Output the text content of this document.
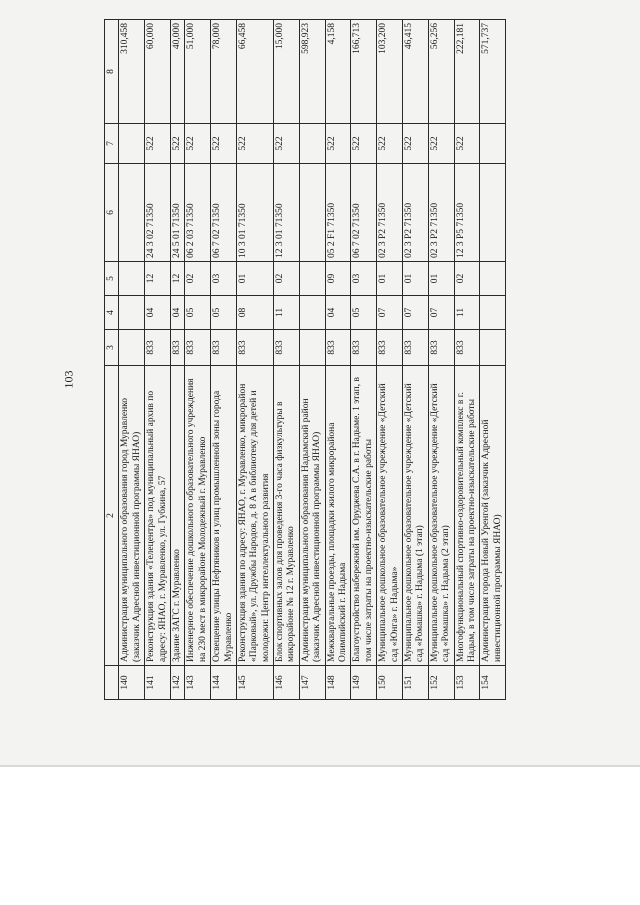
103
	2	3	4	5	6	7	8
140	Администрация муниципального образования город Муравленко (заказчик Адресной инвестиционной программы ЯНАО)						310,458
141	Реконструкция здания «Телецентра» под муниципальный архив по адресу: ЯНАО, г. Муравленко, ул. Губкина, 57	833	04	12	24 3 02 71350	522	60,000
142	Здание ЗАГС г. Муравленко	833	04	12	24 5 01 71350	522	40,000
143	Инженерное обеспечение дошкольного образовательного учреждения на 230 мест в микрорайоне Молодежный г. Муравленко	833	05	02	06 2 03 71350	522	51,000
144	Освещение улицы Нефтяников и улиц промышленной зоны города Муравленко	833	05	03	06 7 02 71350	522	78,000
145	Реконструкция здания по адресу: ЯНАО, г. Муравленко, микрорайон «Парковый», ул. Дружбы Народов, д. 8 А в библиотеку для детей и молодежи: Центр интеллектуального развития	833	08	01	10 3 01 71350	522	66,458
146	Блок спортивных залов для проведения 3-го часа физкультуры в микрорайоне № 12 г. Муравленко	833	11	02	12 3 01 71350	522	15,000
147	Администрация муниципального образования Надымский район (заказчик Адресной инвестиционной программы ЯНАО)						598,923
148	Межквартальные проезды, площадки жилого микрорайона Олимпийский г. Надыма	833	04	09	05 2 F1 71350	522	4,158
149	Благоустройство набережной им. Оруджева С.А. в г. Надыме. 1 этап, в том числе затраты на проектно-изыскательские работы	833	05	03	06 7 02 71350	522	166,713
150	Муниципальное дошкольное образовательное учреждение «Детский сад «Юнга» г. Надыма»	833	07	01	02 3 P2 71350	522	103,200
151	Муниципальное дошкольное образовательное учреждение «Детский сад «Ромашка» г. Надыма (1 этап)	833	07	01	02 3 P2 71350	522	46,415
152	Муниципальное дошкольное образовательное учреждение «Детский сад «Ромашка» г. Надыма (2 этап)	833	07	01	02 3 P2 71350	522	56,256
153	Многофункциональный спортивно-оздоровительный комплекс в г. Надым, в том числе затраты на проектно-изыскательские работы	833	11	02	12 3 P5 71350	522	222,181
154	Администрация города Новый Уренгой (заказчик Адресной инвестиционной программы ЯНАО)						571,737
